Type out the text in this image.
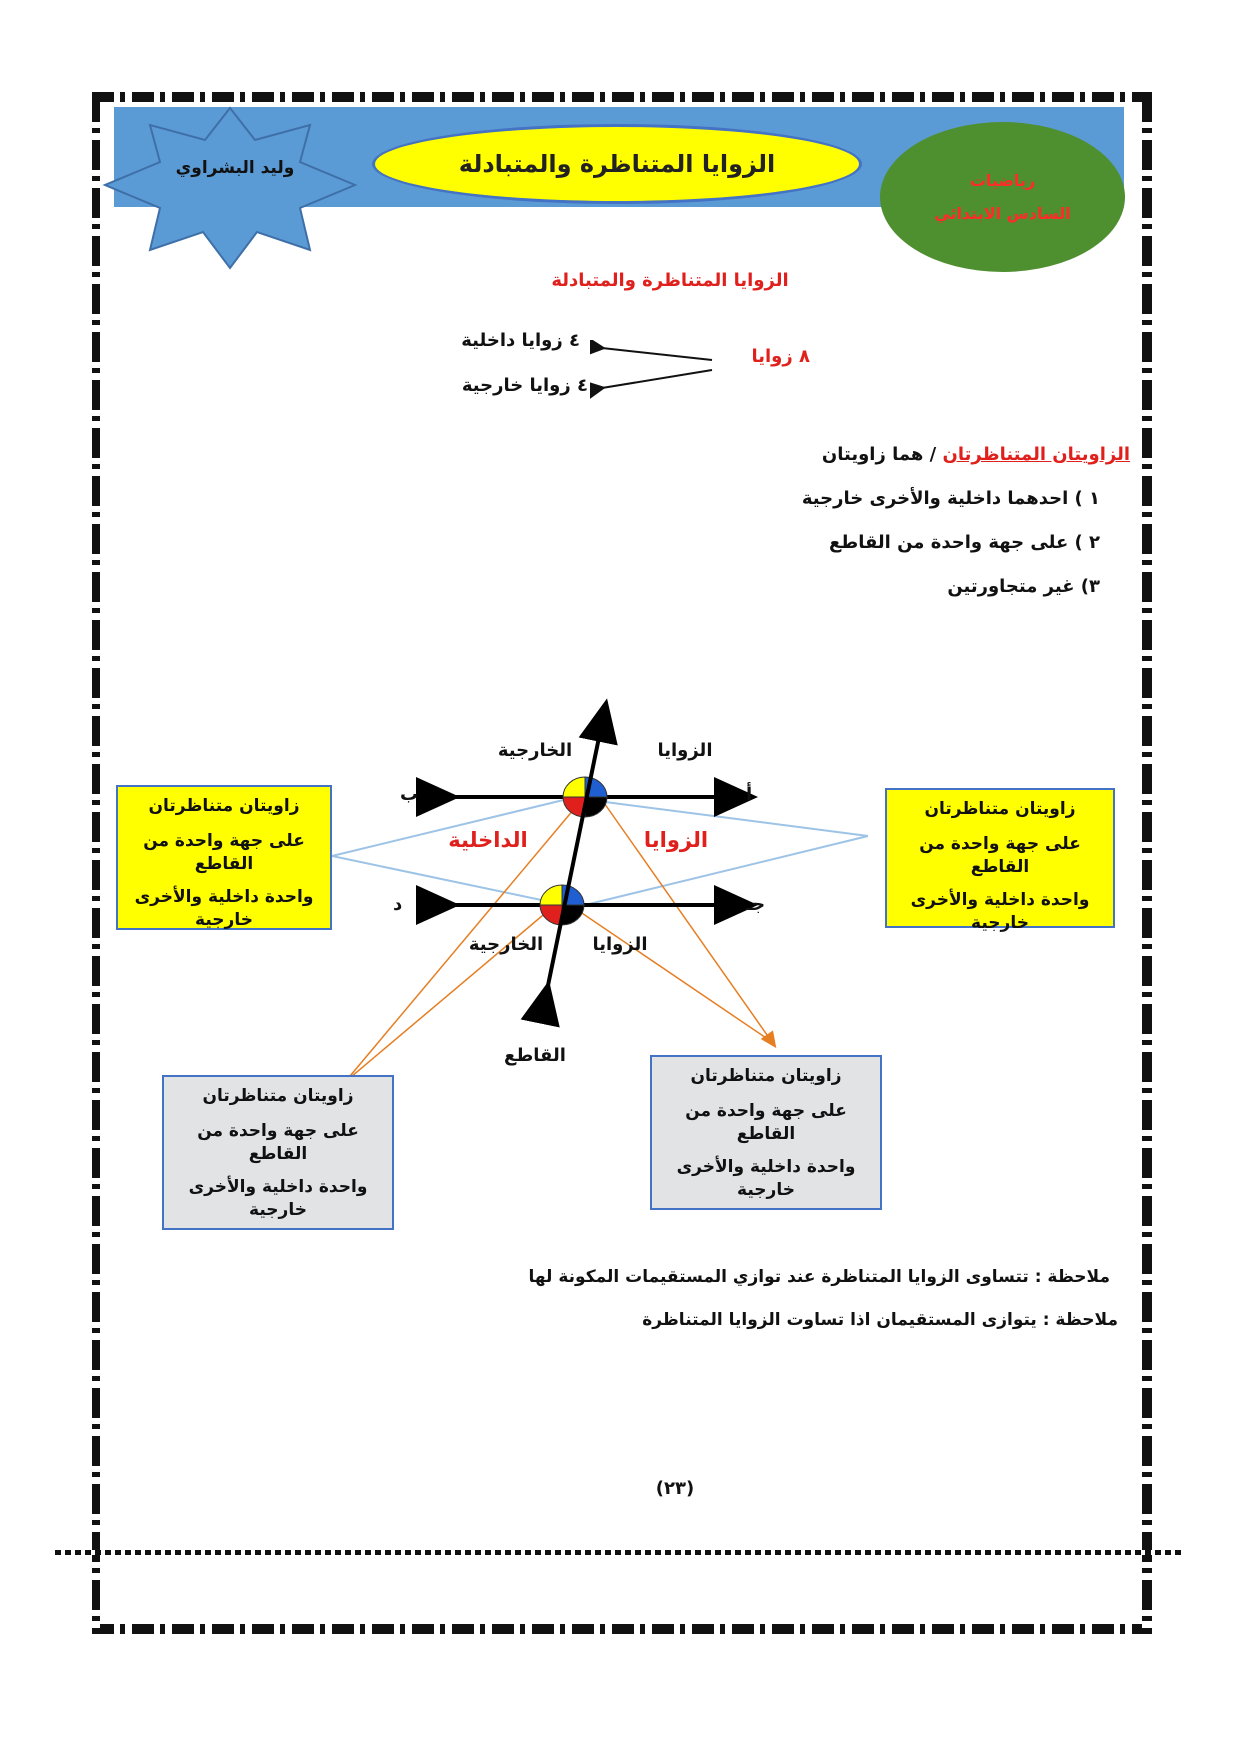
وليد البشراوي	الزوايا المتناظرة والمتبادلة
رياضيات
السادس الابتدائي
الزوايا المتناظرة والمتبادلة
٨ زوايا
٤ زوايا داخلية
٤ زوايا خارجية
الزاويتان المتناظرتان / هما زاويتان
١ ) احدهما داخلية والأخرى خارجية
٢ ) على جهة واحدة من القاطع
٣) غير متجاورتين
الخارجية	الزوايا
الداخلية	الزوايا
الخارجية	الزوايا
القاطع
أ
ب
جـ
د
زاويتان متناظرتان
على جهة واحدة من القاطع
واحدة داخلية والأخرى خارجية
زاويتان متناظرتان
على جهة واحدة من القاطع
واحدة داخلية والأخرى خارجية
زاويتان متناظرتان
على جهة واحدة من القاطع
واحدة داخلية والأخرى خارجية
زاويتان متناظرتان
على جهة واحدة من القاطع
واحدة داخلية والأخرى خارجية
ملاحظة : تتساوى الزوايا المتناظرة عند توازي المستقيمات المكونة لها
ملاحظة : يتوازى المستقيمان اذا تساوت الزوايا المتناظرة
(٢٣)
